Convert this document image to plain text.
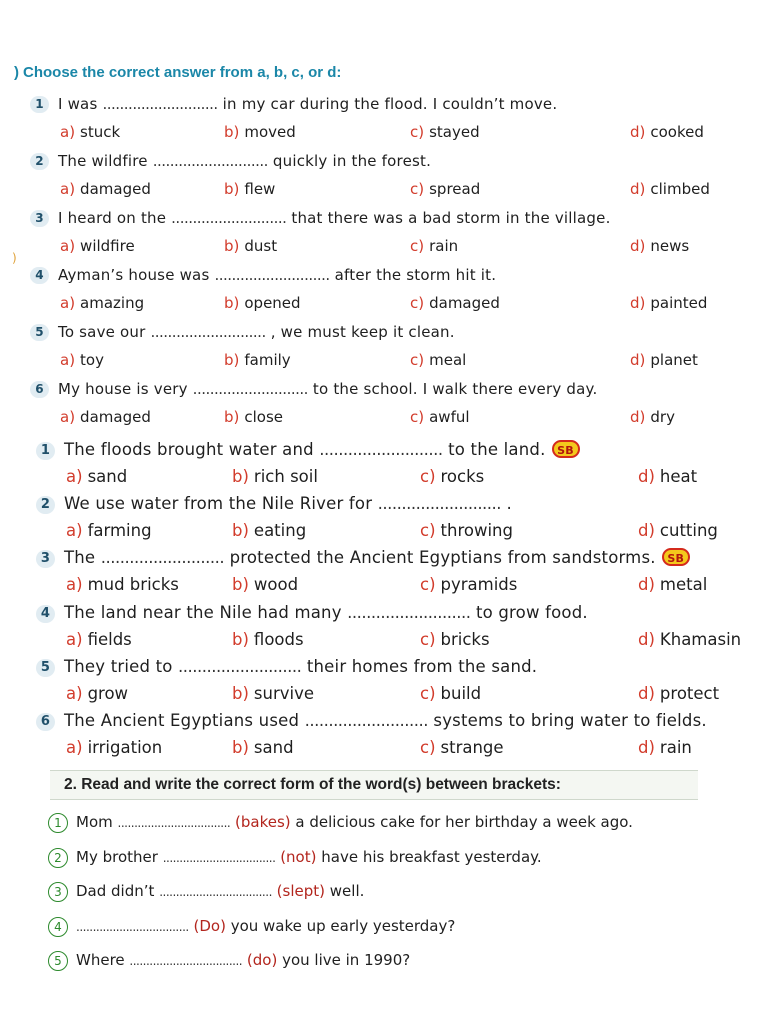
) Choose the correct answer from a, b, c, or d:
)
1 I was ........................... in my car during the flood. I couldn’t move.
a) stuck	b) moved	c) stayed	d) cooked
2 The wildfire ........................... quickly in the forest.
a) damaged	b) flew	c) spread	d) climbed
3 I heard on the ........................... that there was a bad storm in the village.
a) wildfire	b) dust	c) rain	d) news
4 Ayman’s house was ........................... after the storm hit it.
a) amazing	b) opened	c) damaged	d) painted
5 To save our ........................... , we must keep it clean.
a) toy	b) family	c) meal	d) planet
6 My house is very ........................... to the school. I walk there every day.
a) damaged	b) close	c) awful	d) dry
1 The floods brought water and .......................... to the land. SB
a) sand	b) rich soil	c) rocks	d) heat
2 We use water from the Nile River for .......................... .
a) farming	b) eating	c) throwing	d) cutting
3 The .......................... protected the Ancient Egyptians from sandstorms. SB
a) mud bricks	b) wood	c) pyramids	d) metal
4 The land near the Nile had many .......................... to grow food.
a) fields	b) floods	c) bricks	d) Khamasin
5 They tried to .......................... their homes from the sand.
a) grow	b) survive	c) build	d) protect
6 The Ancient Egyptians used .......................... systems to bring water to fields.
a) irrigation	b) sand	c) strange	d) rain
2. Read and write the correct form of the word(s) between brackets:
1 Mom .................................. (bakes) a delicious cake for her birthday a week ago.
2 My brother .................................. (not) have his breakfast yesterday.
3 Dad didn’t .................................. (slept) well.
4 .................................. (Do) you wake up early yesterday?
5 Where .................................. (do) you live in 1990?
